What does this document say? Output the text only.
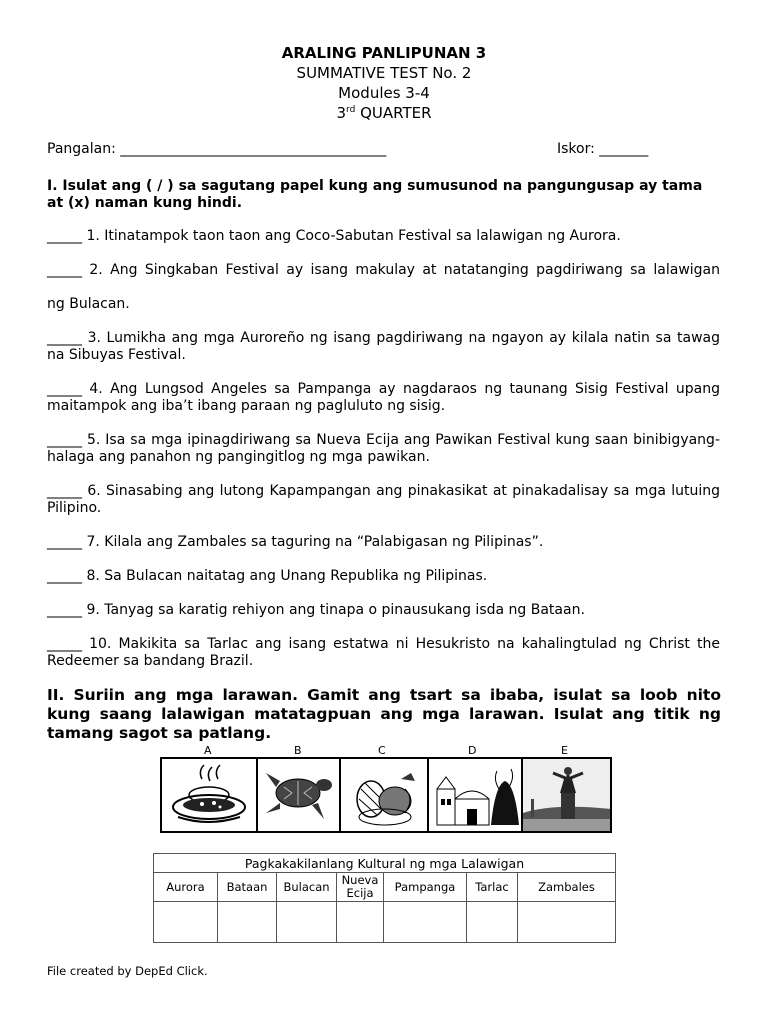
ARALING PANLIPUNAN 3
SUMMATIVE TEST No. 2
Modules 3-4
3rd QUARTER
Pangalan: ______________________________________	Iskor: _______
I. Isulat ang ( / ) sa sagutang papel kung ang sumusunod na pangungusap ay tama at (x) naman kung hindi.
_____ 1. Itinatampok taon taon ang Coco-Sabutan Festival sa lalawigan ng Aurora.
_____ 2. Ang Singkaban Festival ay isang makulay at natatanging pagdiriwang sa lalawigan
ng Bulacan.
_____ 3. Lumikha ang mga Auroreño ng isang pagdiriwang na ngayon ay kilala natin sa tawag na Sibuyas Festival.
_____ 4. Ang Lungsod Angeles sa Pampanga ay nagdaraos ng taunang Sisig Festival upang maitampok ang iba’t ibang paraan ng pagluluto ng sisig.
_____ 5. Isa sa mga ipinagdiriwang sa Nueva Ecija ang Pawikan Festival kung saan binibigyang-halaga ang panahon ng pangingitlog ng mga pawikan.
_____ 6. Sinasabing ang lutong Kapampangan ang pinakasikat at pinakadalisay sa mga lutuing Pilipino.
_____ 7. Kilala ang Zambales sa taguring na “Palabigasan ng Pilipinas”.
_____ 8. Sa Bulacan naitatag ang Unang Republika ng Pilipinas.
_____ 9. Tanyag sa karatig rehiyon ang tinapa o pinausukang isda ng Bataan.
_____ 10. Makikita sa Tarlac ang isang estatwa ni Hesukristo na kahalingtulad ng Christ the Redeemer sa bandang Brazil.
II. Suriin ang mga larawan. Gamit ang tsart sa ibaba, isulat sa loob nito kung saang lalawigan matatagpuan ang mga larawan. Isulat ang titik ng tamang sagot sa patlang.
A	B	C	D	E
Pagkakakilanlang Kultural ng mga Lalawigan						
Aurora	Bataan	Bulacan	Nueva Ecija	Pampanga	Tarlac	Zambales

File created by DepEd Click.
